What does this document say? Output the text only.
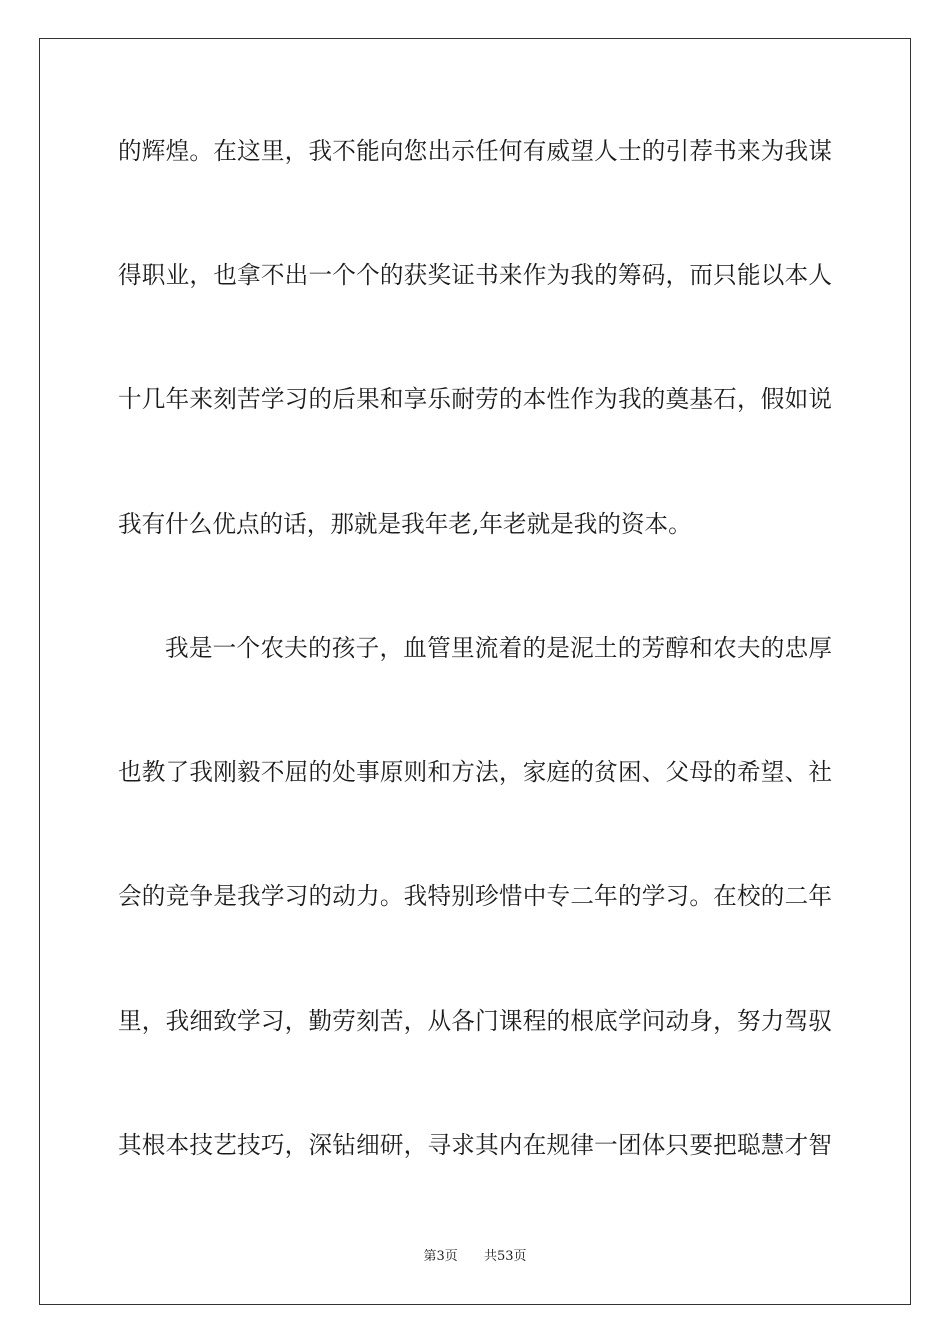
的辉煌。在这里，我不能向您出示任何有威望人士的引荐书来为我谋
得职业，也拿不出一个个的获奖证书来作为我的筹码，而只能以本人
十几年来刻苦学习的后果和享乐耐劳的本性作为我的奠基石，假如说
我有什么优点的话，那就是我年老,年老就是我的资本。
我是一个农夫的孩子，血管里流着的是泥土的芳醇和农夫的忠厚
也教了我刚毅不屈的处事原则和方法，家庭的贫困、父母的希望、社
会的竞争是我学习的动力。我特别珍惜中专二年的学习。在校的二年
里，我细致学习，勤劳刻苦，从各门课程的根底学问动身，努力驾驭
其根本技艺技巧，深钻细研，寻求其内在规律一团体只要把聪慧才智
第3页 共53页
